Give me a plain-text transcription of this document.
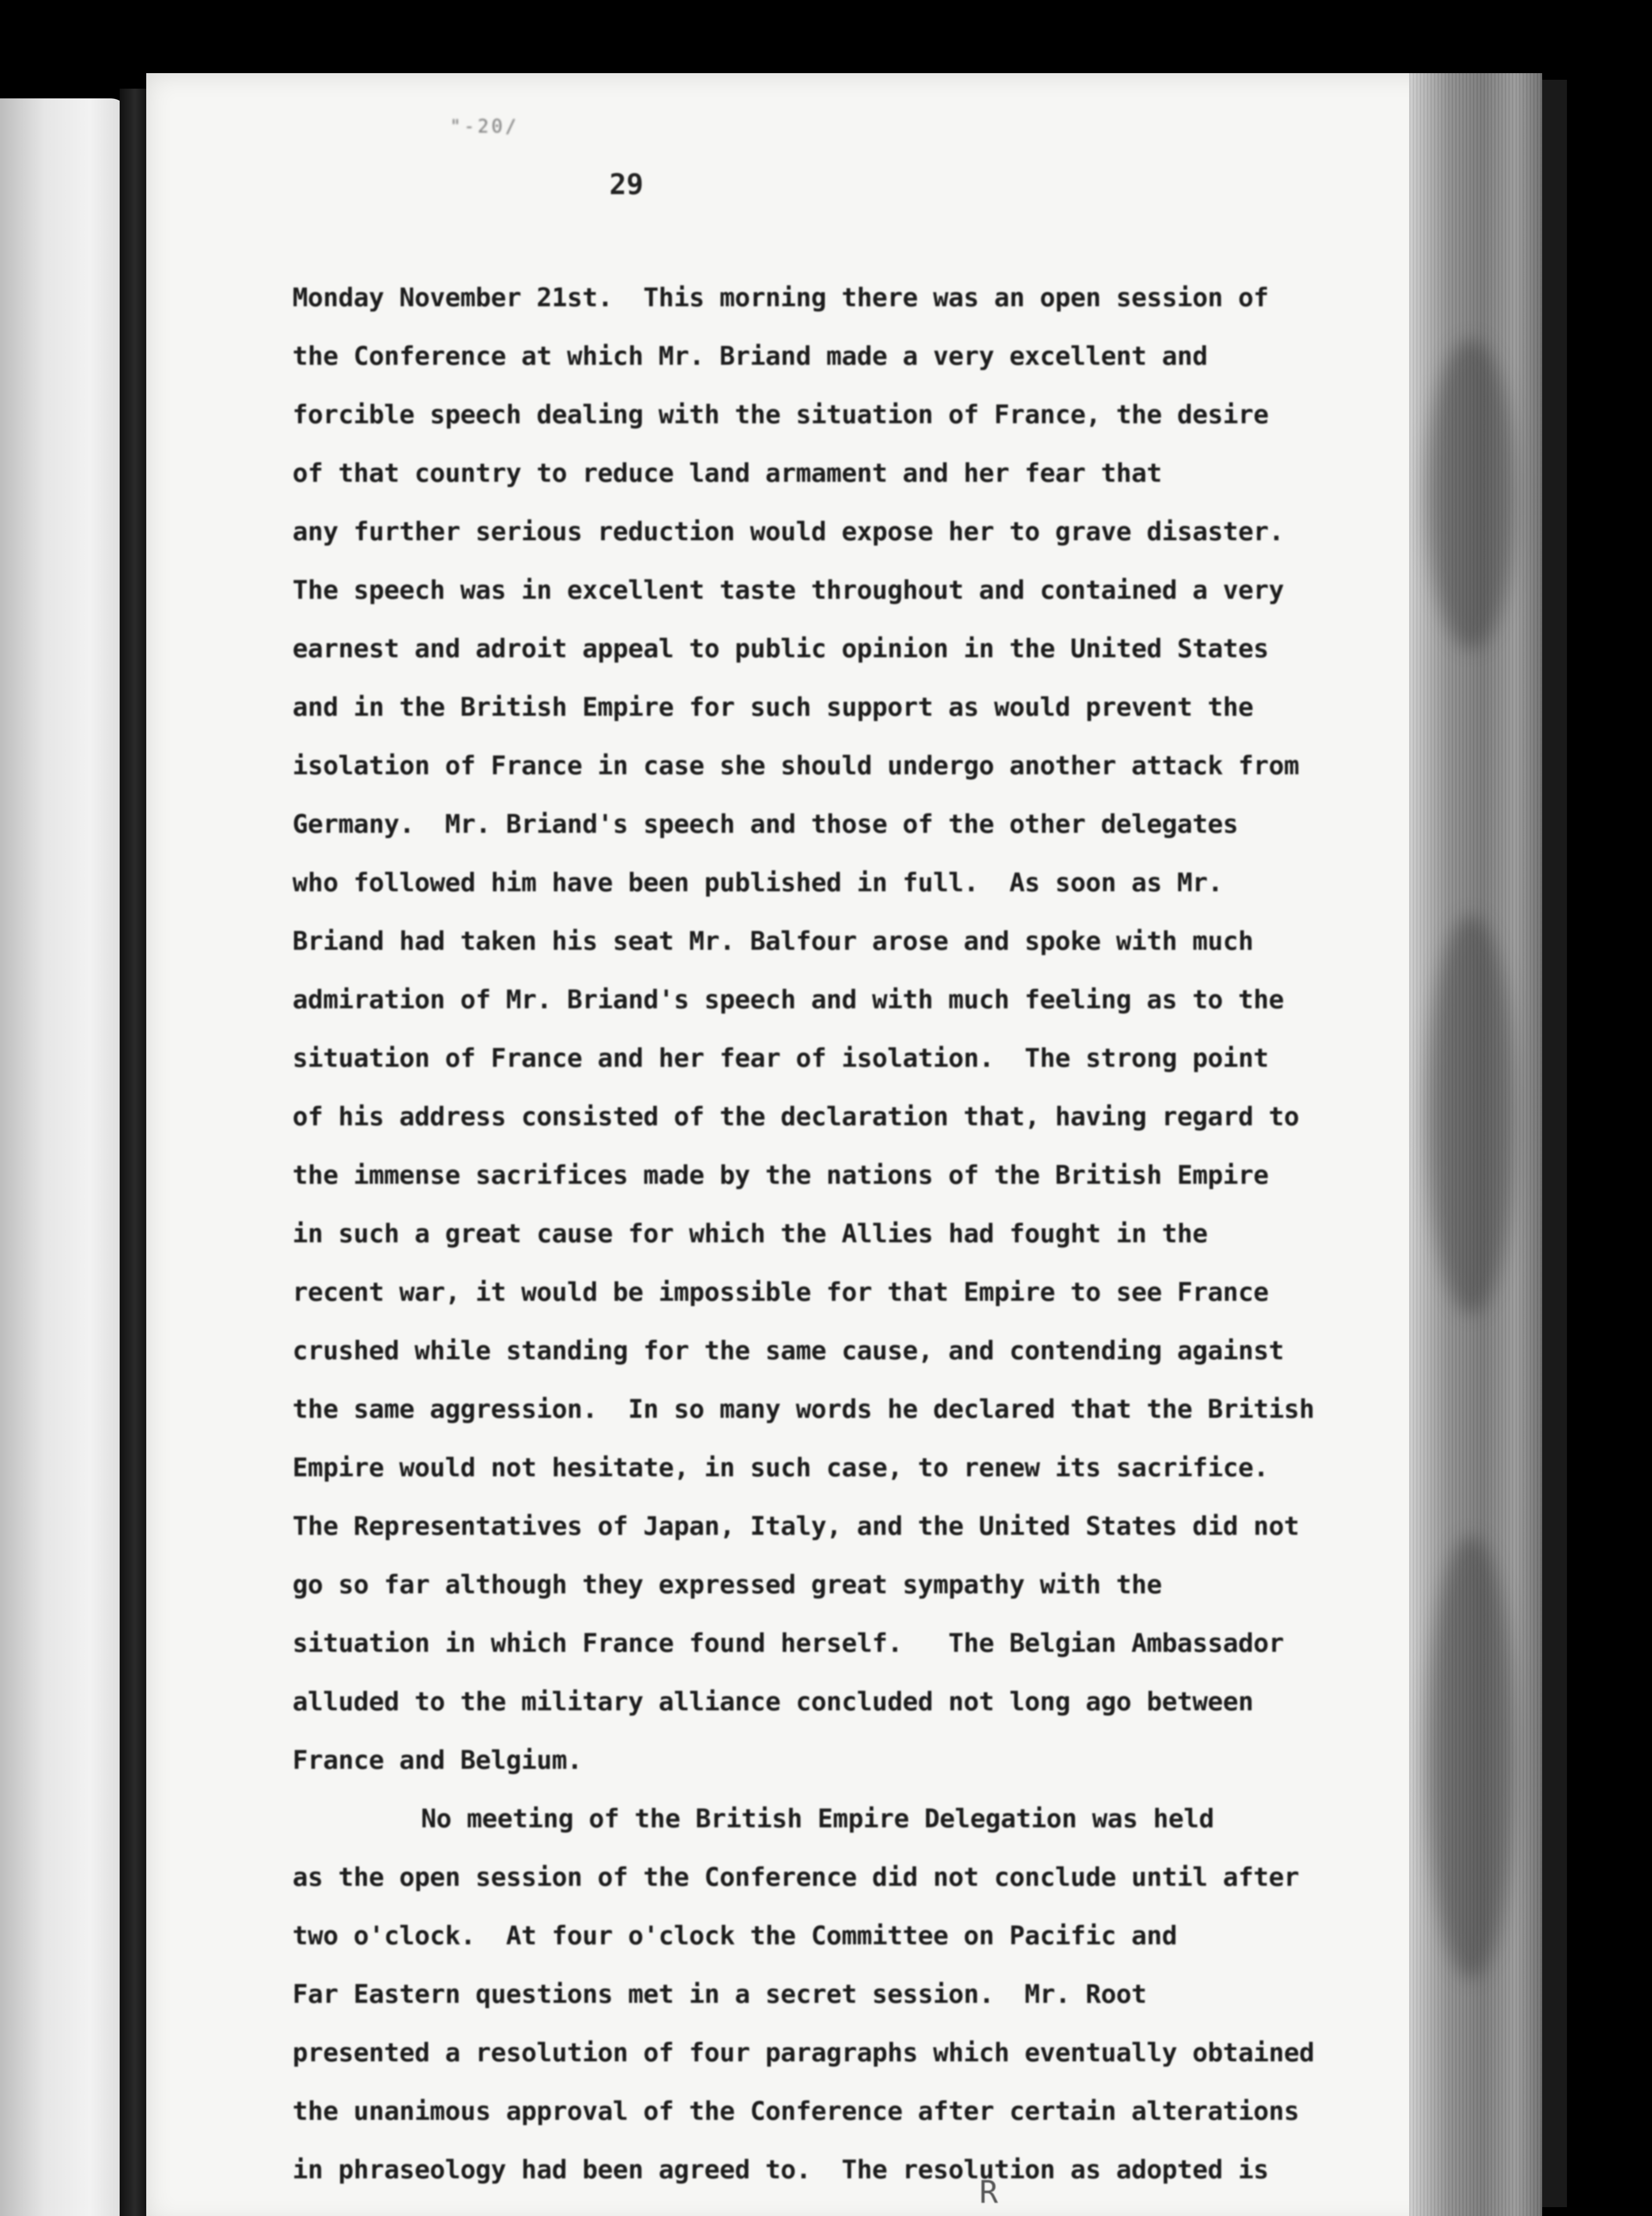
"-20/
29
Monday November 21st.  This morning there was an open session of
the Conference at which Mr. Briand made a very excellent and
forcible speech dealing with the situation of France, the desire
of that country to reduce land armament and her fear that
any further serious reduction would expose her to grave disaster.
The speech was in excellent taste throughout and contained a very
earnest and adroit appeal to public opinion in the United States
and in the British Empire for such support as would prevent the
isolation of France in case she should undergo another attack from
Germany.  Mr. Briand's speech and those of the other delegates
who followed him have been published in full.  As soon as Mr.
Briand had taken his seat Mr. Balfour arose and spoke with much
admiration of Mr. Briand's speech and with much feeling as to the
situation of France and her fear of isolation.  The strong point
of his address consisted of the declaration that, having regard to
the immense sacrifices made by the nations of the British Empire
in such a great cause for which the Allies had fought in the
recent war, it would be impossible for that Empire to see France
crushed while standing for the same cause, and contending against
the same aggression.  In so many words he declared that the British
Empire would not hesitate, in such case, to renew its sacrifice.
The Representatives of Japan, Italy, and the United States did not
go so far although they expressed great sympathy with the
situation in which France found herself.   The Belgian Ambassador
alluded to the military alliance concluded not long ago between
France and Belgium.
No meeting of the British Empire Delegation was held
as the open session of the Conference did not conclude until after
two o'clock.  At four o'clock the Committee on Pacific and
Far Eastern questions met in a secret session.  Mr. Root
presented a resolution of four paragraphs which eventually obtained
the unanimous approval of the Conference after certain alterations
in phraseology had been agreed to.  The resolution as adopted is
R
